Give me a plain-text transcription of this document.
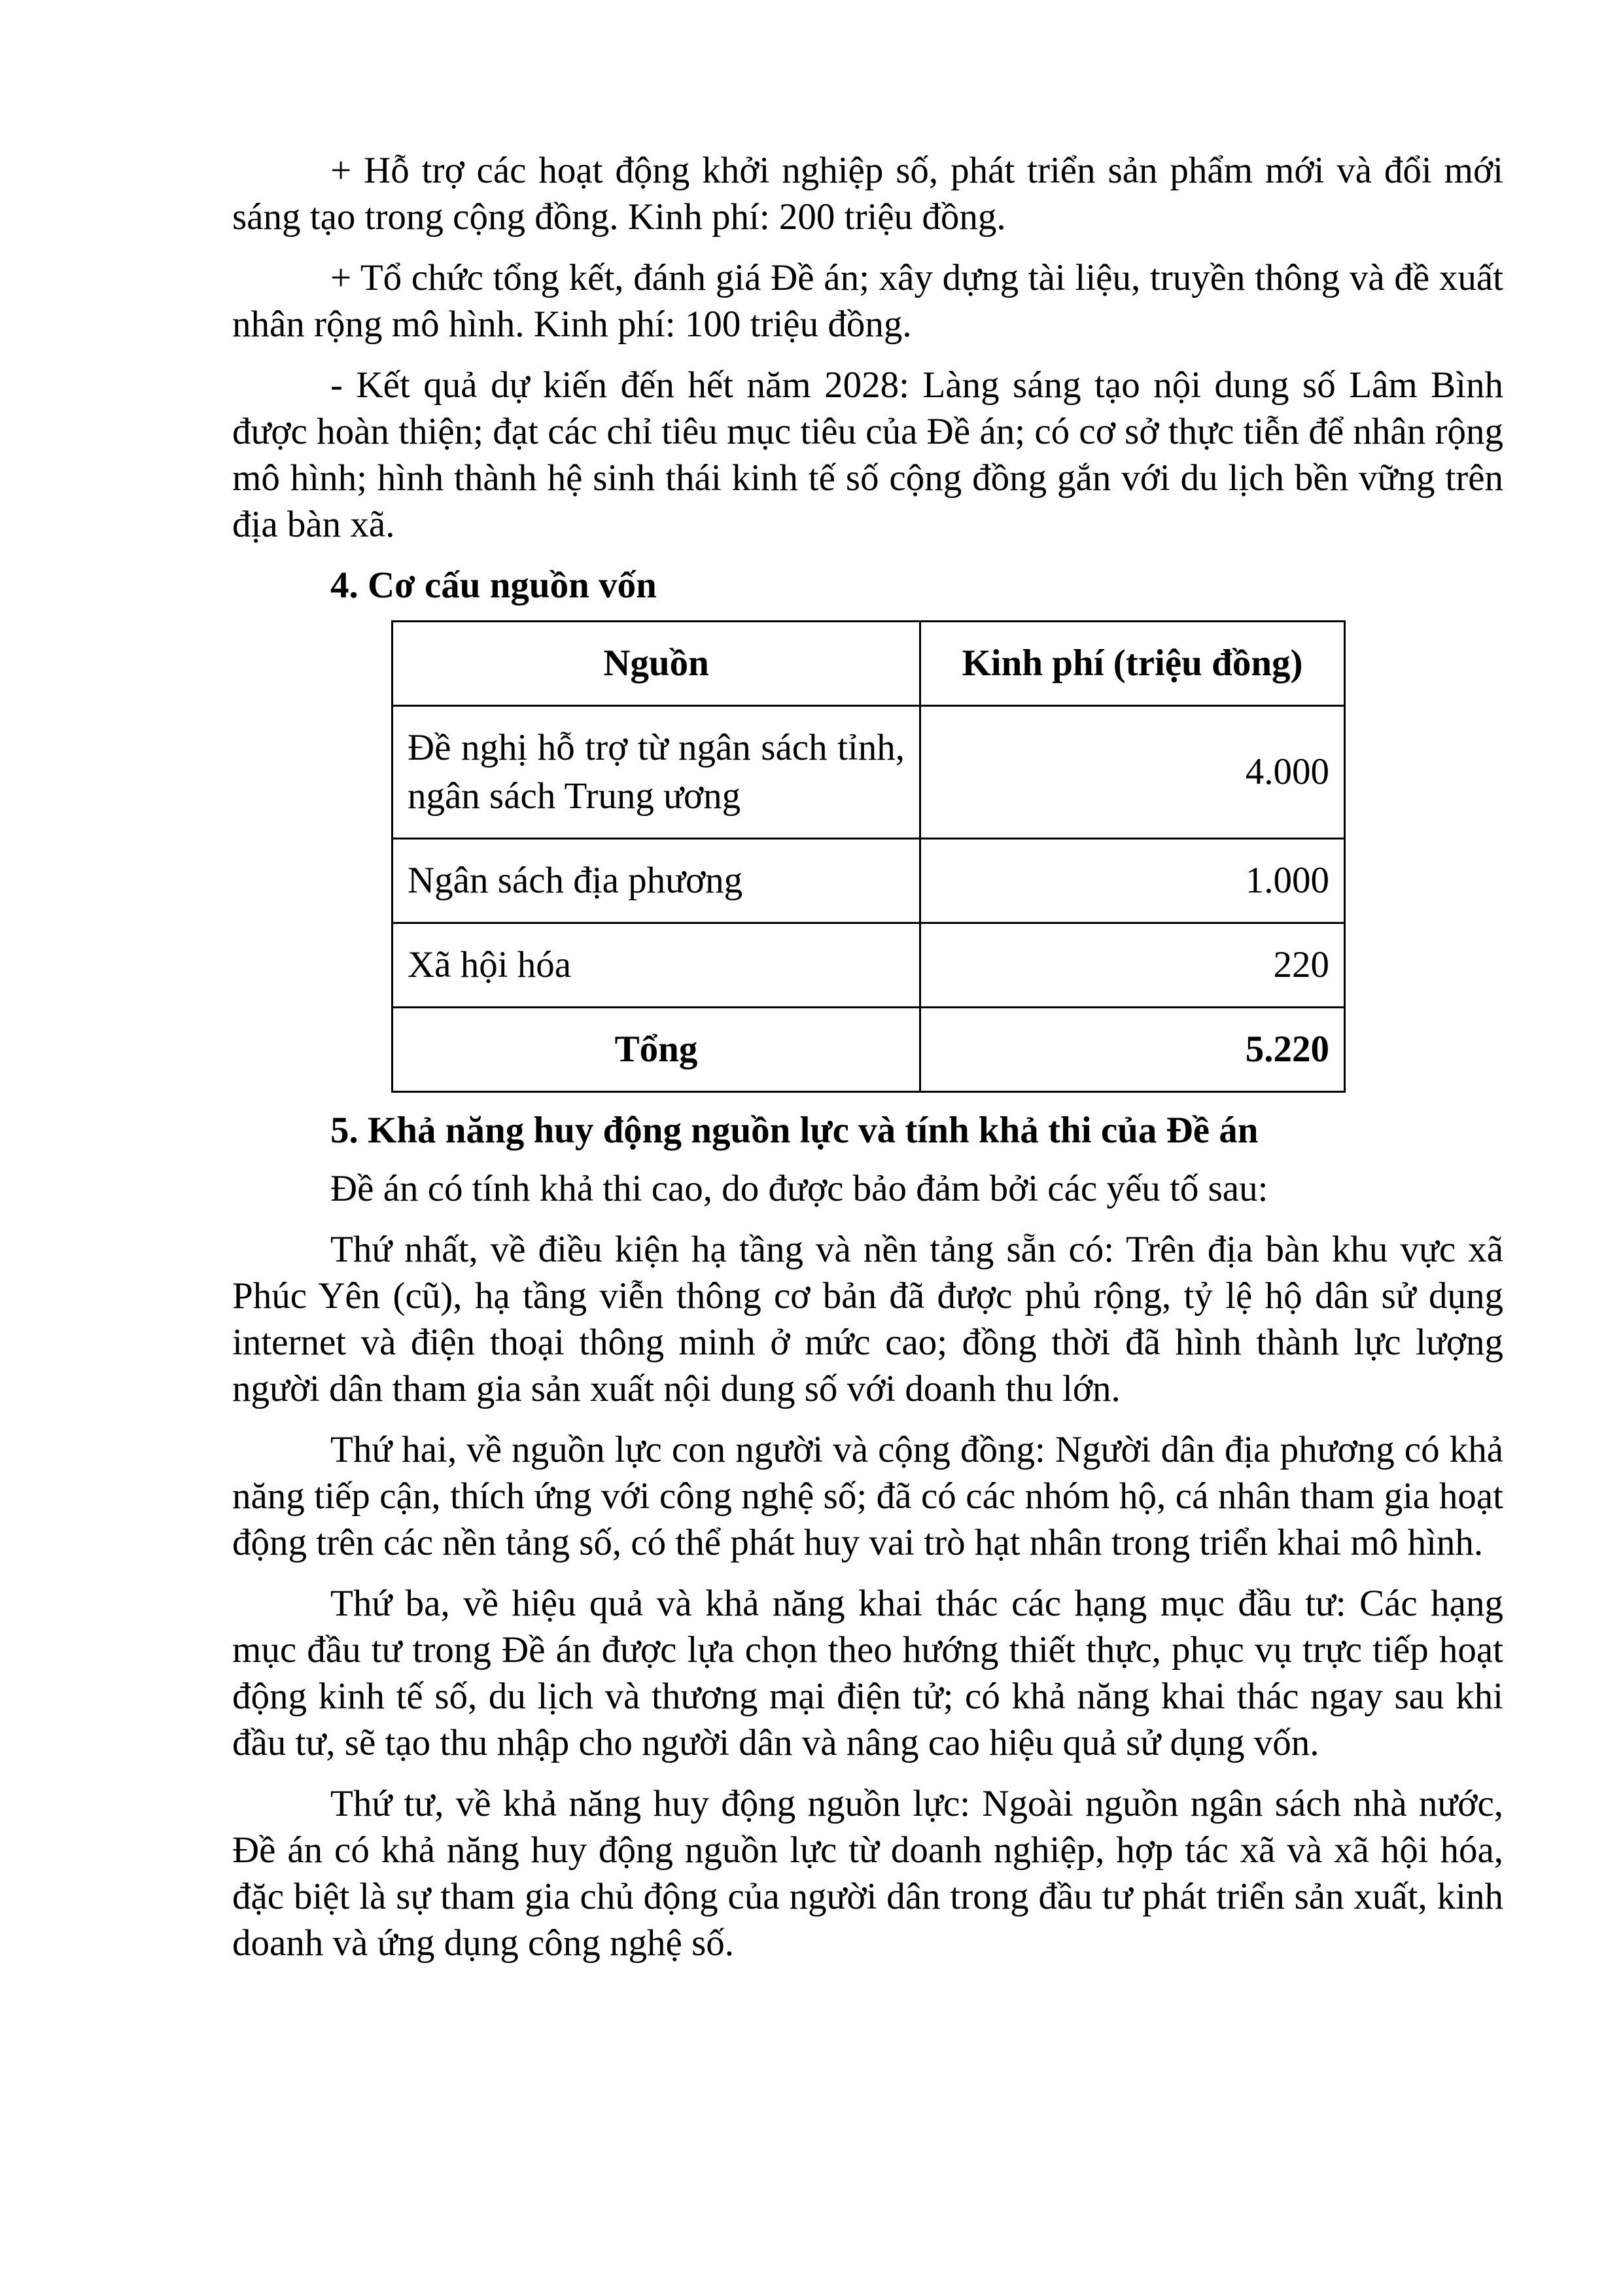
+ Hỗ trợ các hoạt động khởi nghiệp số, phát triển sản phẩm mới và đổi mới sáng tạo trong cộng đồng. Kinh phí: 200 triệu đồng.

+ Tổ chức tổng kết, đánh giá Đề án; xây dựng tài liệu, truyền thông và đề xuất nhân rộng mô hình. Kinh phí: 100 triệu đồng.

- Kết quả dự kiến đến hết năm 2028: Làng sáng tạo nội dung số Lâm Bình được hoàn thiện; đạt các chỉ tiêu mục tiêu của Đề án; có cơ sở thực tiễn để nhân rộng mô hình; hình thành hệ sinh thái kinh tế số cộng đồng gắn với du lịch bền vững trên địa bàn xã.

4. Cơ cấu nguồn vốn

Nguồn	Kinh phí (triệu đồng)
Đề nghị hỗ trợ từ ngân sách tỉnh, ngân sách Trung ương	4.000
Ngân sách địa phương	1.000
Xã hội hóa	220
Tổng	5.220

5. Khả năng huy động nguồn lực và tính khả thi của Đề án

Đề án có tính khả thi cao, do được bảo đảm bởi các yếu tố sau:

Thứ nhất, về điều kiện hạ tầng và nền tảng sẵn có: Trên địa bàn khu vực xã Phúc Yên (cũ), hạ tầng viễn thông cơ bản đã được phủ rộng, tỷ lệ hộ dân sử dụng internet và điện thoại thông minh ở mức cao; đồng thời đã hình thành lực lượng người dân tham gia sản xuất nội dung số với doanh thu lớn.

Thứ hai, về nguồn lực con người và cộng đồng: Người dân địa phương có khả năng tiếp cận, thích ứng với công nghệ số; đã có các nhóm hộ, cá nhân tham gia hoạt động trên các nền tảng số, có thể phát huy vai trò hạt nhân trong triển khai mô hình.

Thứ ba, về hiệu quả và khả năng khai thác các hạng mục đầu tư: Các hạng mục đầu tư trong Đề án được lựa chọn theo hướng thiết thực, phục vụ trực tiếp hoạt động kinh tế số, du lịch và thương mại điện tử; có khả năng khai thác ngay sau khi đầu tư, sẽ tạo thu nhập cho người dân và nâng cao hiệu quả sử dụng vốn.

Thứ tư, về khả năng huy động nguồn lực: Ngoài nguồn ngân sách nhà nước, Đề án có khả năng huy động nguồn lực từ doanh nghiệp, hợp tác xã và xã hội hóa, đặc biệt là sự tham gia chủ động của người dân trong đầu tư phát triển sản xuất, kinh doanh và ứng dụng công nghệ số.
